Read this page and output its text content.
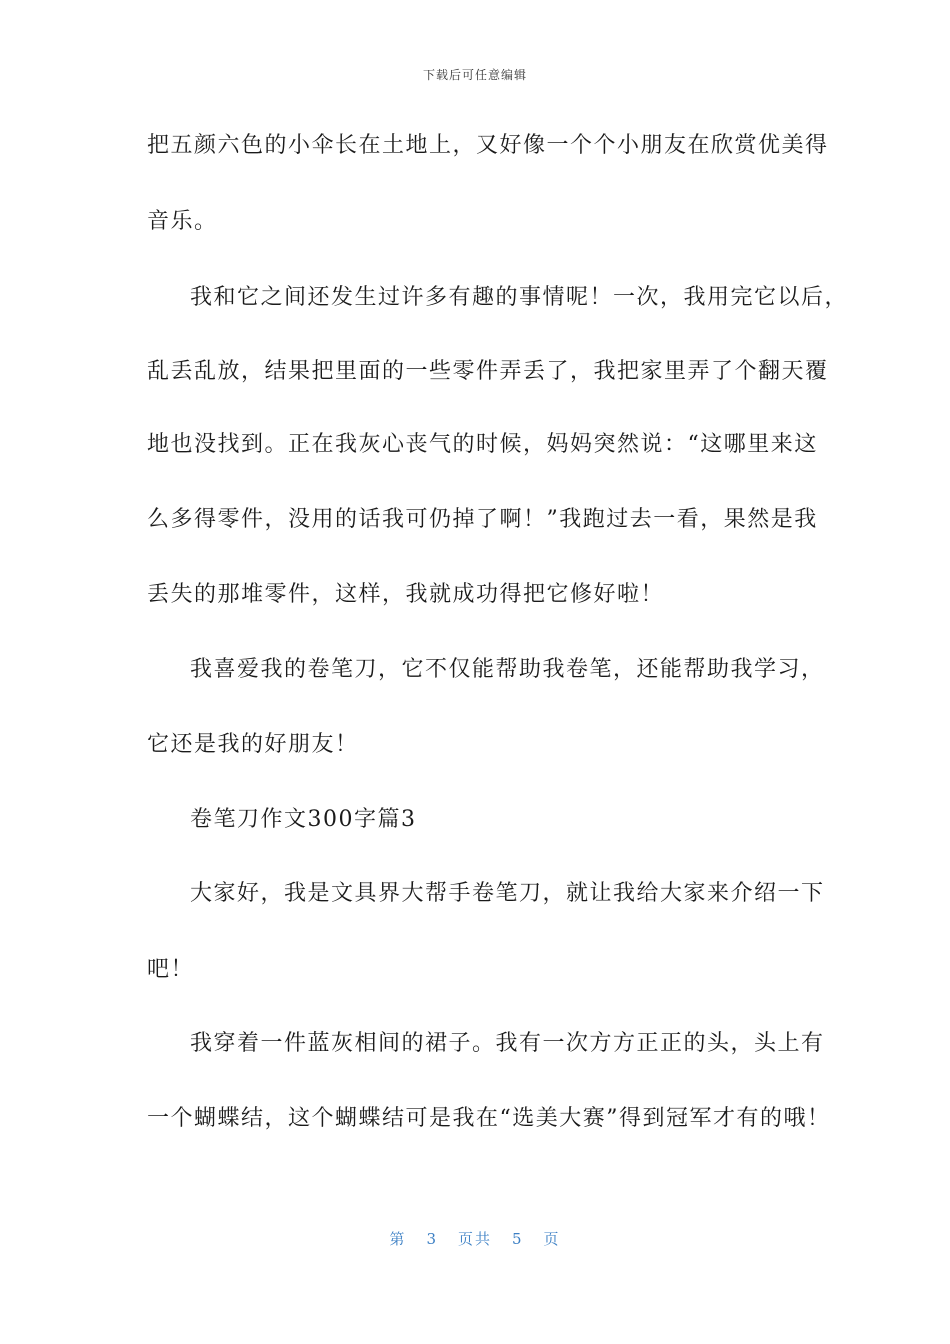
下载后可任意编辑
把五颜六色的小伞长在土地上，又好像一个个小朋友在欣赏优美得
音乐。
我和它之间还发生过许多有趣的事情呢！一次，我用完它以后，
乱丢乱放，结果把里面的一些零件弄丢了，我把家里弄了个翻天覆
地也没找到。正在我灰心丧气的时候，妈妈突然说：“这哪里来这
么多得零件，没用的话我可仍掉了啊！”我跑过去一看，果然是我
丢失的那堆零件，这样，我就成功得把它修好啦！
我喜爱我的卷笔刀，它不仅能帮助我卷笔，还能帮助我学习，
它还是我的好朋友！
卷笔刀作文300字篇3
大家好，我是文具界大帮手卷笔刀，就让我给大家来介绍一下
吧！
我穿着一件蓝灰相间的裙子。我有一次方方正正的头，头上有
一个蝴蝶结，这个蝴蝶结可是我在“选美大赛”得到冠军才有的哦！
第 3 页共 5 页
